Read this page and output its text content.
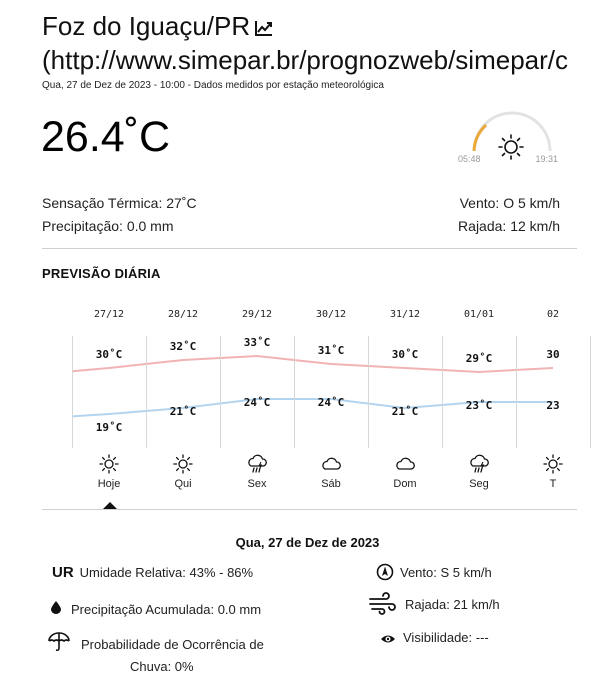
Foz do Iguaçu/PR
(http://www.simepar.br/prognozweb/simepar/c
Qua, 27 de Dez de 2023 - 10:00 - Dados medidos por estação meteorológica
26.4˚C	05:48	19:31
Sensação Térmica: 27˚C
Precipitação: 0.0 mm
Vento: O 5 km/h
Rajada: 12 km/h
PREVISÃO DIÁRIA
27/12
30˚C
19˚C
Hoje
28/12
32˚C
21˚C
Qui
29/12
33˚C
24˚C
Sex
30/12
31˚C
24˚C
Sáb
31/12
30˚C
21˚C
Dom
01/01
29˚C
23˚C
Seg
02
30
23
T
Qua, 27 de Dez de 2023
UR Umidade Relativa: 43% - 86%
Precipitação Acumulada: 0.0 mm
Probabilidade de Ocorrência de
Chuva: 0%
Vento: S 5 km/h
Rajada: 21 km/h
Visibilidade: ---
